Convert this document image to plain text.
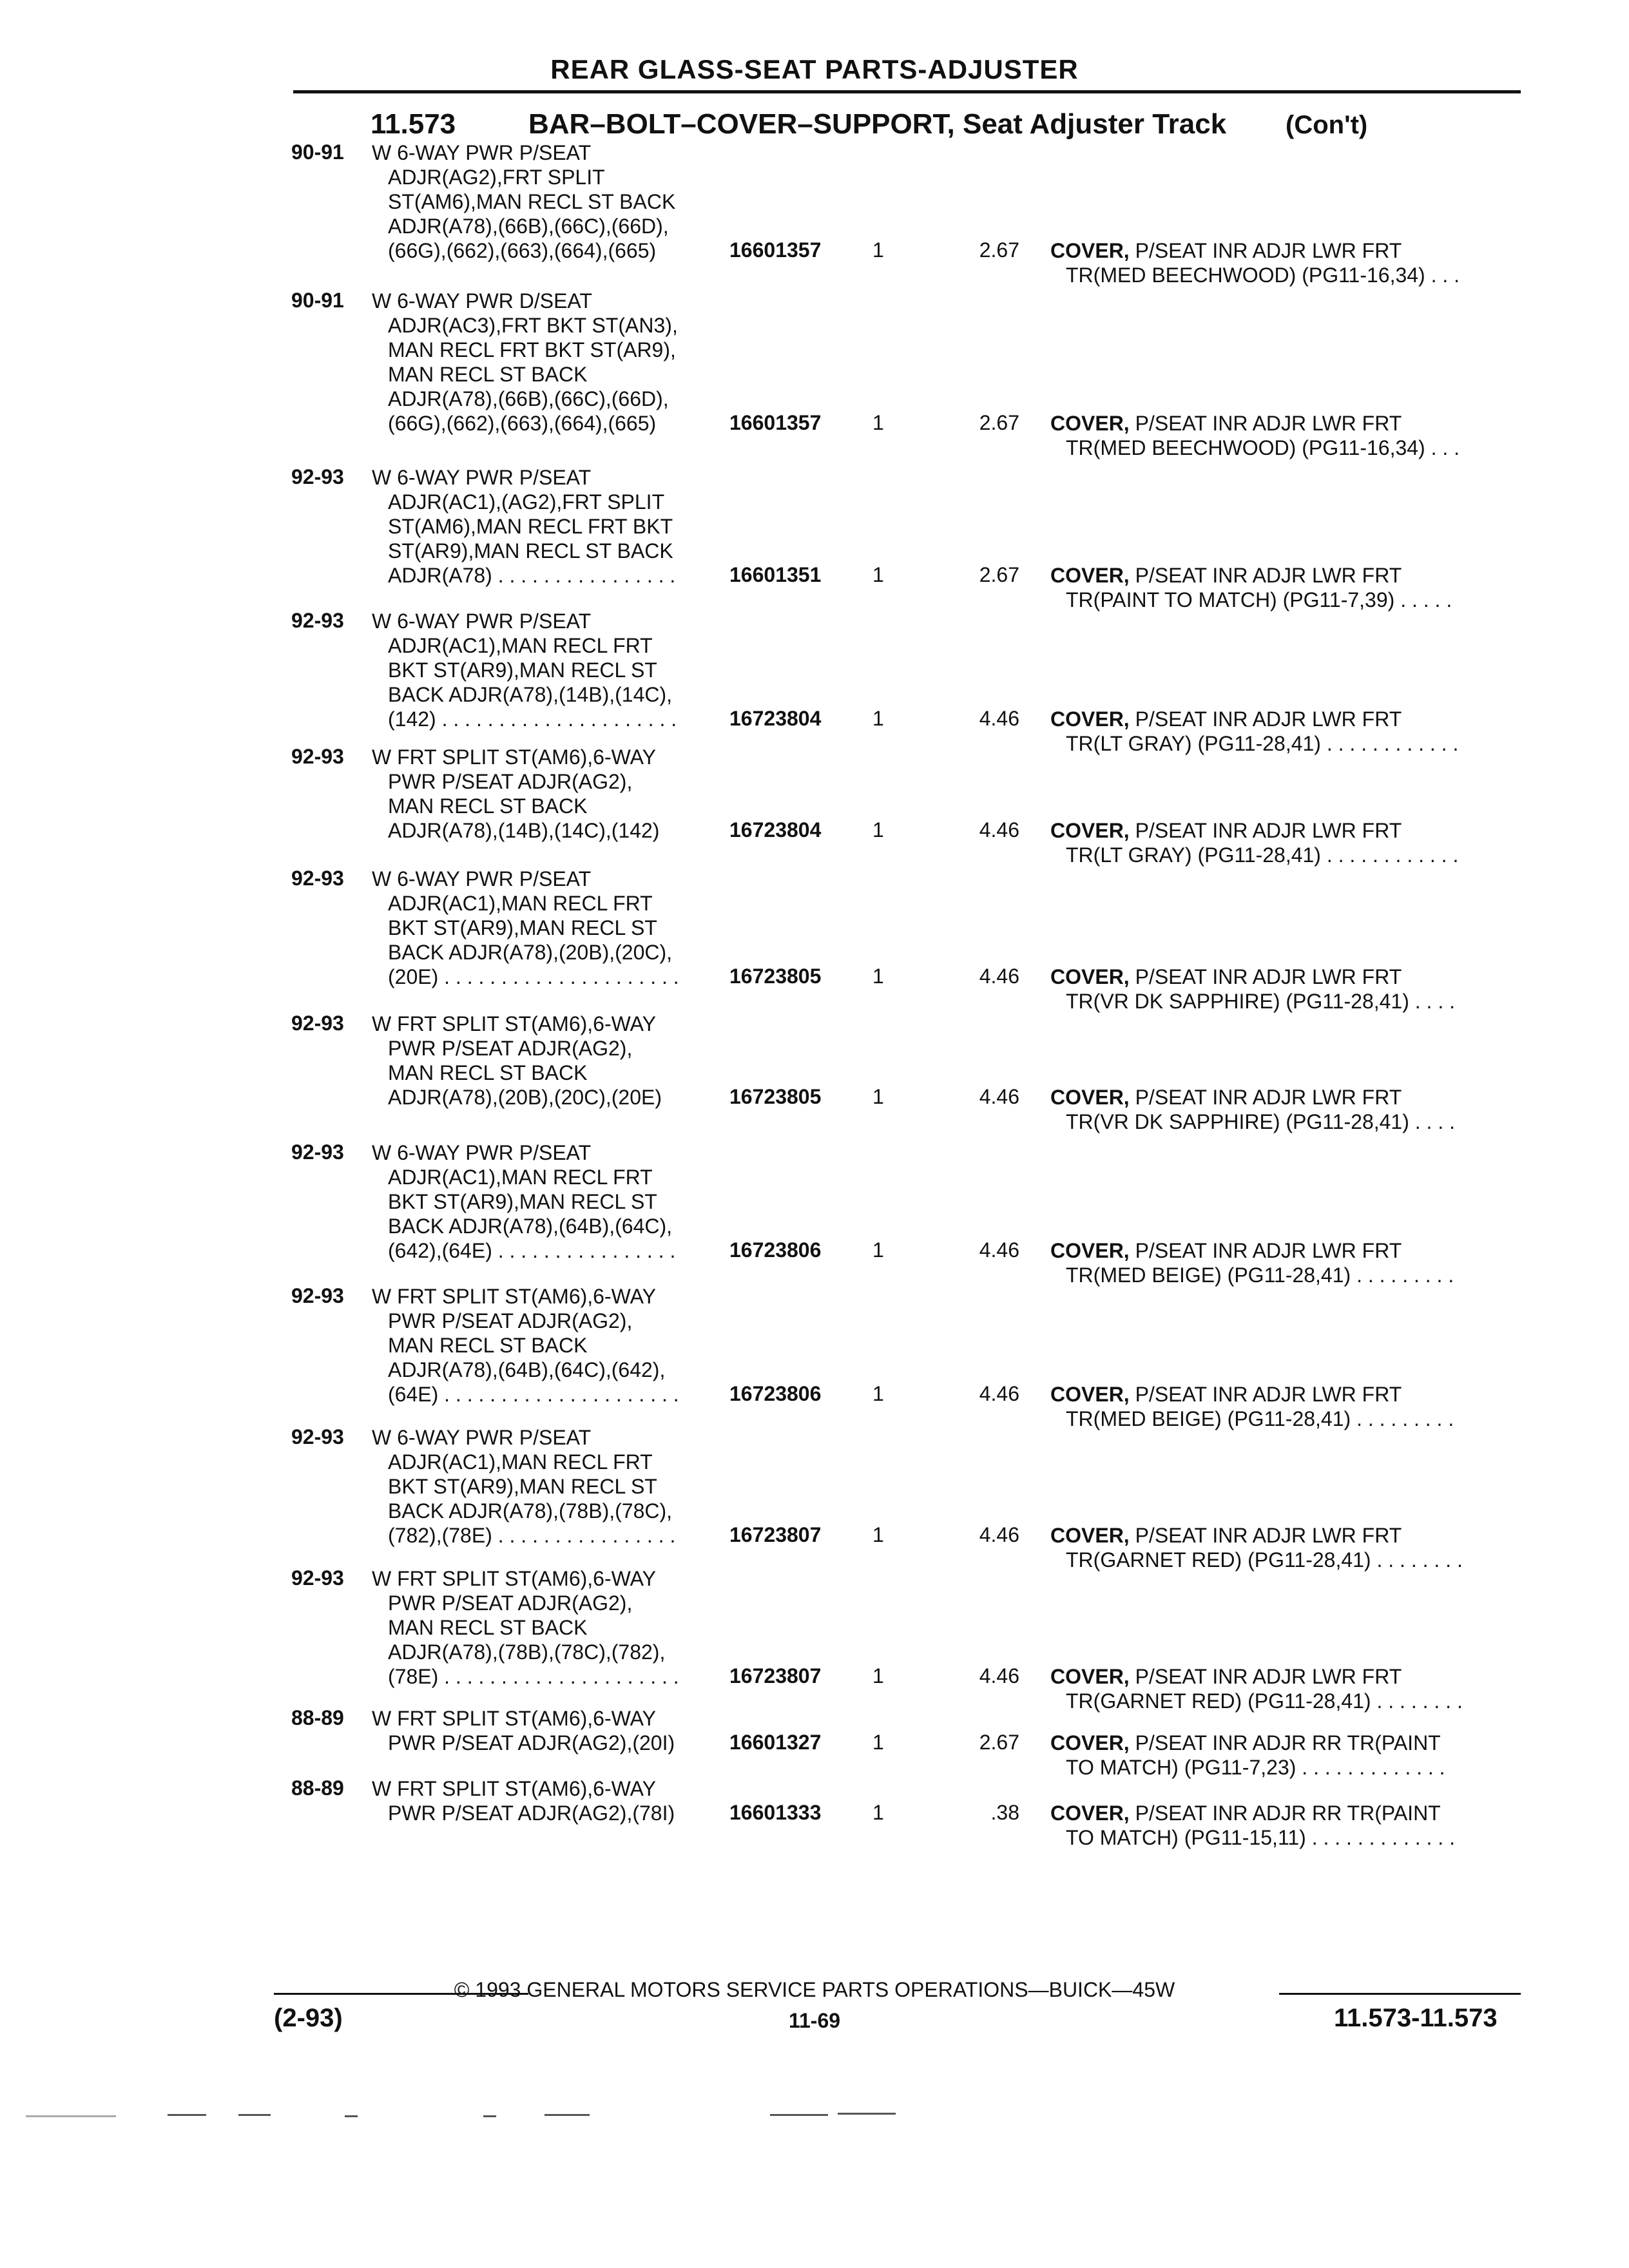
REAR GLASS-SEAT PARTS-ADJUSTER
11.573	BAR–BOLT–COVER–SUPPORT, Seat Adjuster Track (Con't)
90-91 W 6-WAY PWR P/SEAT
ADJR(AG2),FRT SPLIT
ST(AM6),MAN RECL ST BACK
ADJR(A78),(66B),(66C),(66D),
(66G),(662),(663),(664),(665)	16601357 1	2.67 COVER, P/SEAT INR ADJR LWR FRT
TR(MED BEECHWOOD) (PG11-16,34) . . .
90-91 W 6-WAY PWR D/SEAT
ADJR(AC3),FRT BKT ST(AN3),
MAN RECL FRT BKT ST(AR9),
MAN RECL ST BACK
ADJR(A78),(66B),(66C),(66D),
(66G),(662),(663),(664),(665)	16601357 1	2.67 COVER, P/SEAT INR ADJR LWR FRT
TR(MED BEECHWOOD) (PG11-16,34) . . .
92-93 W 6-WAY PWR P/SEAT
ADJR(AC1),(AG2),FRT SPLIT
ST(AM6),MAN RECL FRT BKT
ST(AR9),MAN RECL ST BACK
ADJR(A78) . . . . . . . . . . . . . . . .	16601351 1	2.67 COVER, P/SEAT INR ADJR LWR FRT
TR(PAINT TO MATCH) (PG11-7,39) . . . . .
92-93 W 6-WAY PWR P/SEAT
ADJR(AC1),MAN RECL FRT
BKT ST(AR9),MAN RECL ST
BACK ADJR(A78),(14B),(14C),
(142) . . . . . . . . . . . . . . . . . . . . .	16723804 1	4.46 COVER, P/SEAT INR ADJR LWR FRT
TR(LT GRAY) (PG11-28,41) . . . . . . . . . . . .
92-93 W FRT SPLIT ST(AM6),6-WAY
PWR P/SEAT ADJR(AG2),
MAN RECL ST BACK
ADJR(A78),(14B),(14C),(142)	16723804 1	4.46 COVER, P/SEAT INR ADJR LWR FRT
TR(LT GRAY) (PG11-28,41) . . . . . . . . . . . .
92-93 W 6-WAY PWR P/SEAT
ADJR(AC1),MAN RECL FRT
BKT ST(AR9),MAN RECL ST
BACK ADJR(A78),(20B),(20C),
(20E) . . . . . . . . . . . . . . . . . . . . .	16723805 1	4.46 COVER, P/SEAT INR ADJR LWR FRT
TR(VR DK SAPPHIRE) (PG11-28,41) . . . .
92-93 W FRT SPLIT ST(AM6),6-WAY
PWR P/SEAT ADJR(AG2),
MAN RECL ST BACK
ADJR(A78),(20B),(20C),(20E)	16723805 1	4.46 COVER, P/SEAT INR ADJR LWR FRT
TR(VR DK SAPPHIRE) (PG11-28,41) . . . .
92-93 W 6-WAY PWR P/SEAT
ADJR(AC1),MAN RECL FRT
BKT ST(AR9),MAN RECL ST
BACK ADJR(A78),(64B),(64C),
(642),(64E) . . . . . . . . . . . . . . . .	16723806 1	4.46 COVER, P/SEAT INR ADJR LWR FRT
TR(MED BEIGE) (PG11-28,41) . . . . . . . . .
92-93 W FRT SPLIT ST(AM6),6-WAY
PWR P/SEAT ADJR(AG2),
MAN RECL ST BACK
ADJR(A78),(64B),(64C),(642),
(64E) . . . . . . . . . . . . . . . . . . . . .	16723806 1	4.46 COVER, P/SEAT INR ADJR LWR FRT
TR(MED BEIGE) (PG11-28,41) . . . . . . . . .
92-93 W 6-WAY PWR P/SEAT
ADJR(AC1),MAN RECL FRT
BKT ST(AR9),MAN RECL ST
BACK ADJR(A78),(78B),(78C),
(782),(78E) . . . . . . . . . . . . . . . .	16723807 1	4.46 COVER, P/SEAT INR ADJR LWR FRT
TR(GARNET RED) (PG11-28,41) . . . . . . . .
92-93 W FRT SPLIT ST(AM6),6-WAY
PWR P/SEAT ADJR(AG2),
MAN RECL ST BACK
ADJR(A78),(78B),(78C),(782),
(78E) . . . . . . . . . . . . . . . . . . . . .	16723807 1	4.46 COVER, P/SEAT INR ADJR LWR FRT
TR(GARNET RED) (PG11-28,41) . . . . . . . .
88-89 W FRT SPLIT ST(AM6),6-WAY
PWR P/SEAT ADJR(AG2),(20I)	16601327 1	2.67 COVER, P/SEAT INR ADJR RR TR(PAINT
TO MATCH) (PG11-7,23) . . . . . . . . . . . . .
88-89 W FRT SPLIT ST(AM6),6-WAY
PWR P/SEAT ADJR(AG2),(78I)	16601333 1	.38 COVER, P/SEAT INR ADJR RR TR(PAINT
TO MATCH) (PG11-15,11) . . . . . . . . . . . . .
© 1993 GENERAL MOTORS SERVICE PARTS OPERATIONS—BUICK—45W
(2-93)	11-69	11.573-11.573
